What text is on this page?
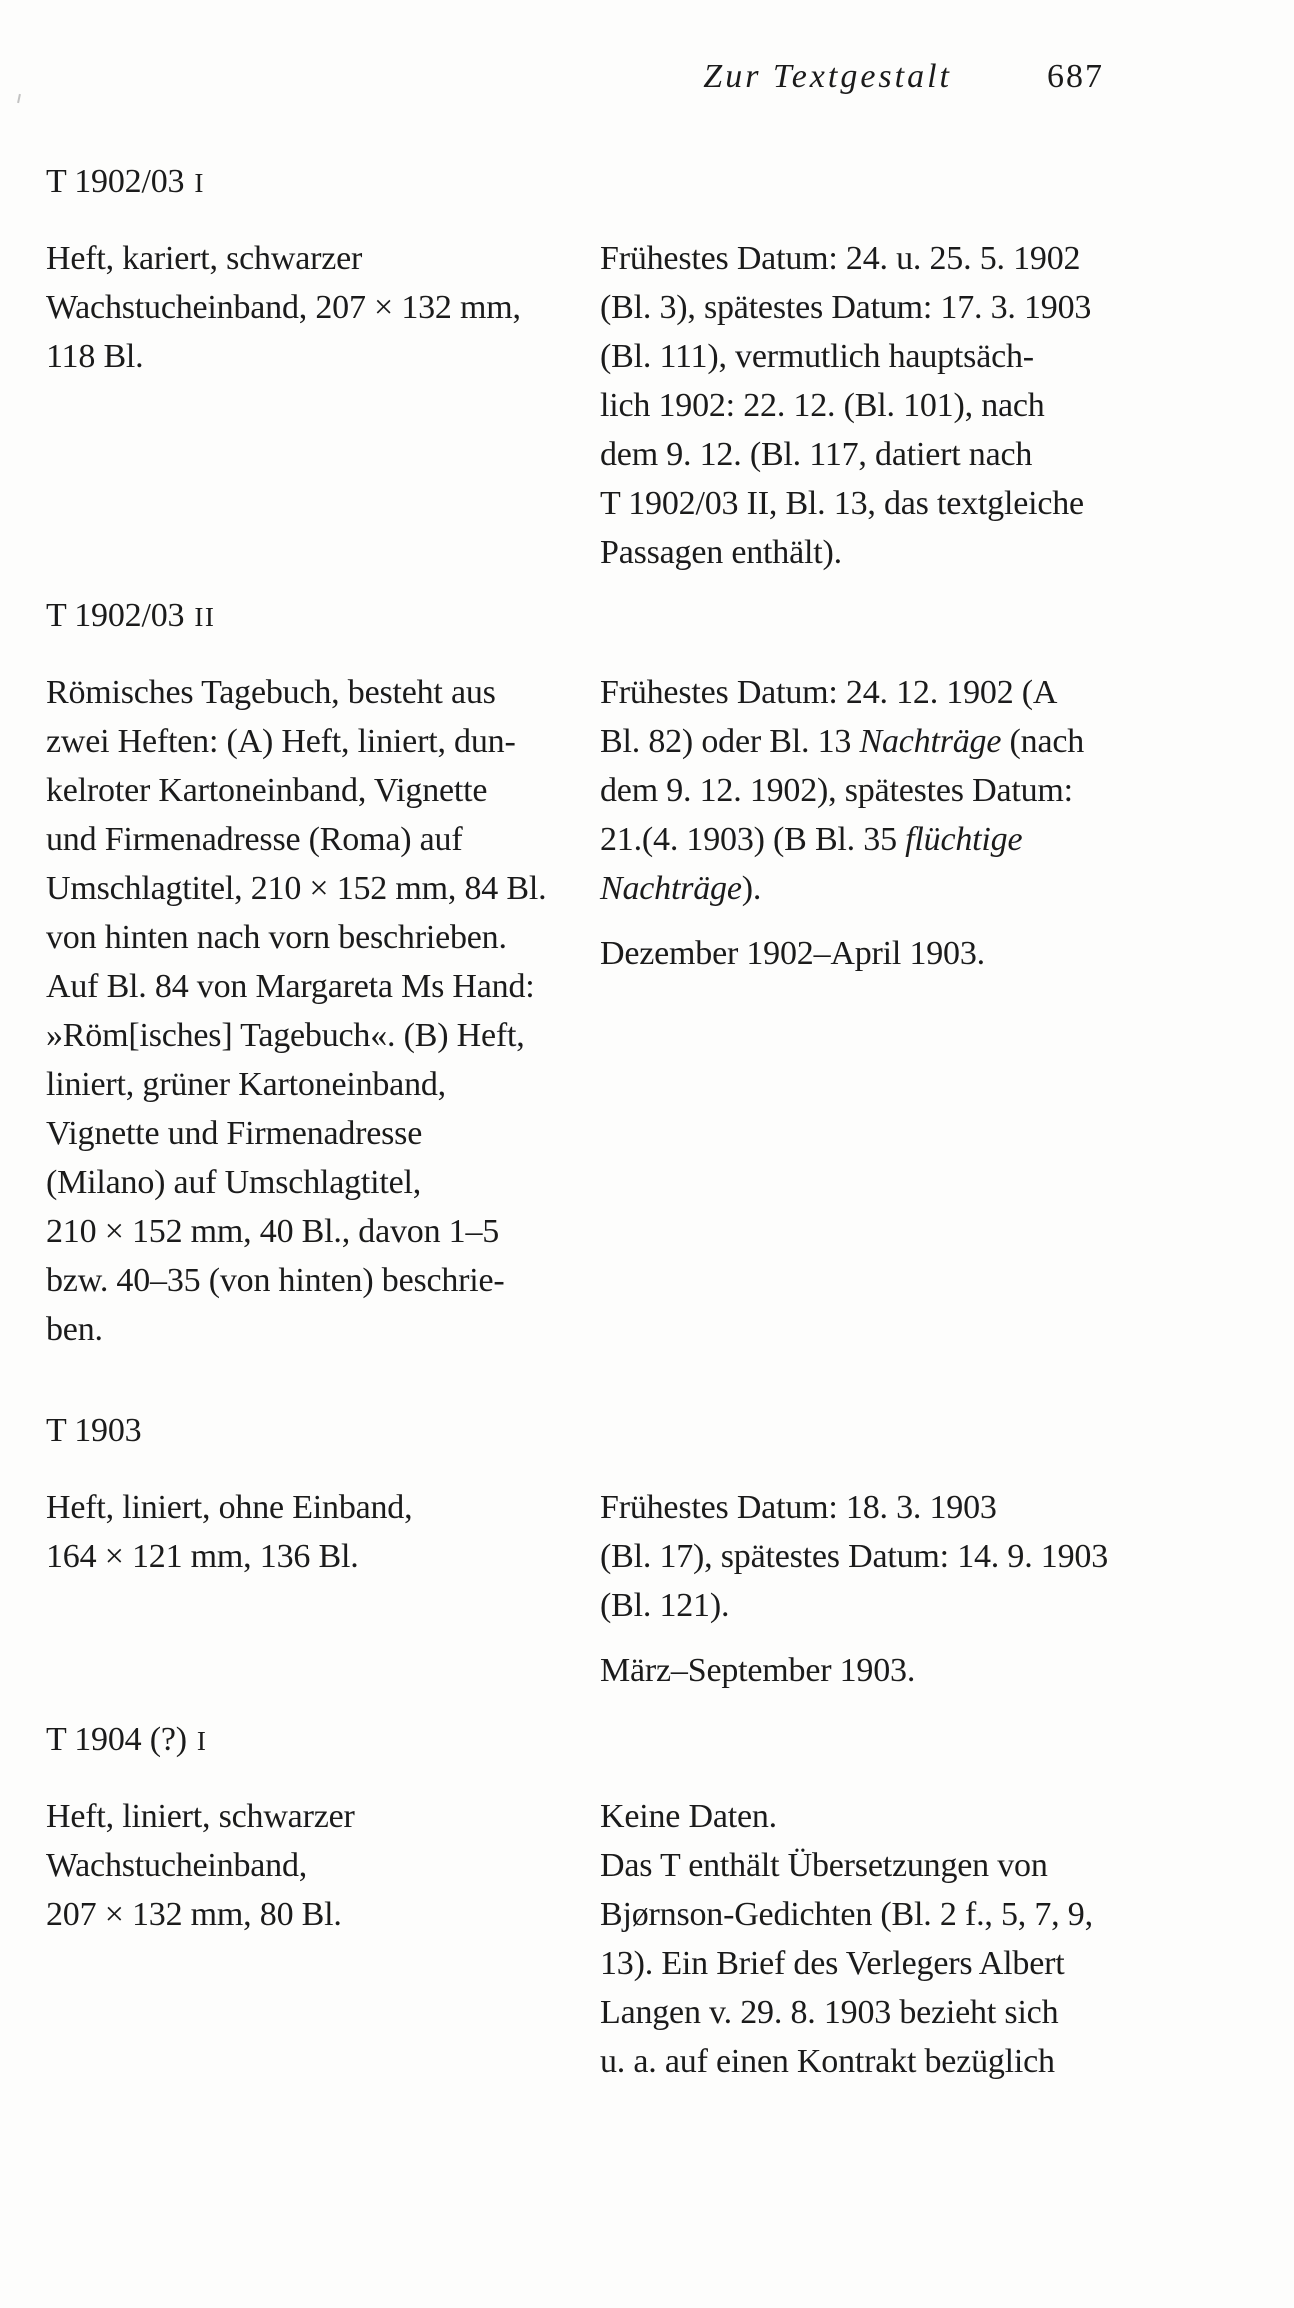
Zur Textgestalt	687
T 1902/03 I
Heft, kariert, schwarzer
Wachstucheinband, 207 × 132 mm,
118 Bl.
Frühestes Datum: 24. u. 25. 5. 1902
(Bl. 3), spätestes Datum: 17. 3. 1903
(Bl. 111), vermutlich hauptsäch-
lich 1902: 22. 12. (Bl. 101), nach
dem 9. 12. (Bl. 117, datiert nach
T 1902/03 II, Bl. 13, das textgleiche
Passagen enthält).
T 1902/03 II
Römisches Tagebuch, besteht aus
zwei Heften: (A) Heft, liniert, dun-
kelroter Kartoneinband, Vignette
und Firmenadresse (Roma) auf
Umschlagtitel, 210 × 152 mm, 84 Bl.
von hinten nach vorn beschrieben.
Auf Bl. 84 von Margareta Ms Hand:
»Röm[isches] Tagebuch«. (B) Heft,
liniert, grüner Kartoneinband,
Vignette und Firmenadresse
(Milano) auf Umschlagtitel,
210 × 152 mm, 40 Bl., davon 1–5
bzw. 40–35 (von hinten) beschrie-
ben.
Frühestes Datum: 24. 12. 1902 (A
Bl. 82) oder Bl. 13 Nachträge (nach
dem 9. 12. 1902), spätestes Datum:
21.(4. 1903) (B Bl. 35 flüchtige
Nachträge).
Dezember 1902–April 1903.
T 1903
Heft, liniert, ohne Einband,
164 × 121 mm, 136 Bl.
Frühestes Datum: 18. 3. 1903
(Bl. 17), spätestes Datum: 14. 9. 1903
(Bl. 121).
März–September 1903.
T 1904 (?) I
Heft, liniert, schwarzer
Wachstucheinband,
207 × 132 mm, 80 Bl.
Keine Daten.
Das T enthält Übersetzungen von
Bjørnson-Gedichten (Bl. 2 f., 5, 7, 9,
13). Ein Brief des Verlegers Albert
Langen v. 29. 8. 1903 bezieht sich
u. a. auf einen Kontrakt bezüglich
